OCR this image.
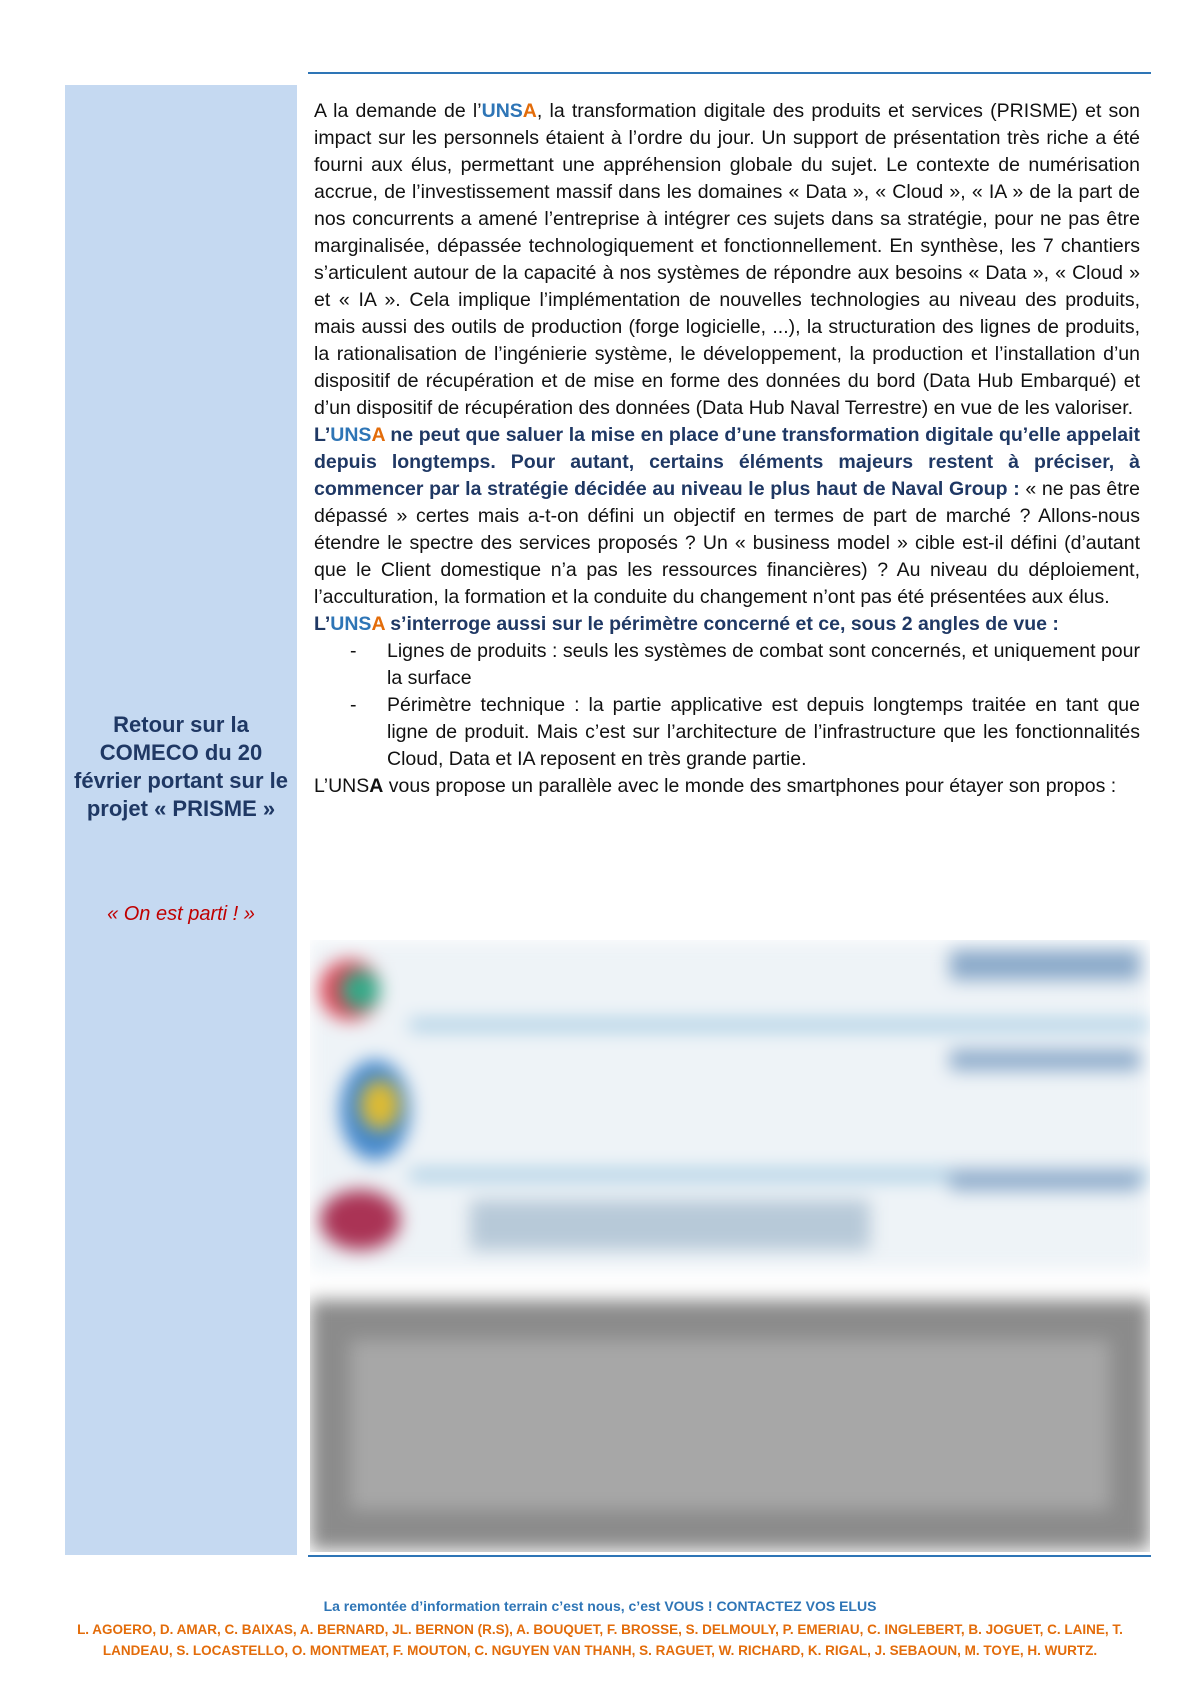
Retour sur la COMECO du 20 février portant sur le projet « PRISME »
« On est parti ! »

A la demande de l’UNSA, la transformation digitale des produits et services (PRISME) et son impact sur les personnels étaient à l’ordre du jour. Un support de présentation très riche a été fourni aux élus, permettant une appréhension globale du sujet. Le contexte de numérisation accrue, de l’investissement massif dans les domaines « Data », « Cloud », « IA » de la part de nos concurrents a amené l’entreprise à intégrer ces sujets dans sa stratégie, pour ne pas être marginalisée, dépassée technologiquement et fonctionnellement. En synthèse, les 7 chantiers s’articulent autour de la capacité à nos systèmes de répondre aux besoins « Data », « Cloud » et « IA ». Cela implique l’implémentation de nouvelles technologies au niveau des produits, mais aussi des outils de production (forge logicielle, ...), la structuration des lignes de produits, la rationalisation de l’ingénierie système, le développement, la production et l’installation d’un dispositif de récupération et de mise en forme des données du bord (Data Hub Embarqué) et d’un dispositif de récupération des données (Data Hub Naval Terrestre) en vue de les valoriser.

L’UNSA ne peut que saluer la mise en place d’une transformation digitale qu’elle appelait depuis longtemps. Pour autant, certains éléments majeurs restent à préciser, à commencer par la stratégie décidée au niveau le plus haut de Naval Group : « ne pas être dépassé » certes mais a-t-on défini un objectif en termes de part de marché ? Allons-nous étendre le spectre des services proposés ? Un « business model » cible est-il défini (d’autant que le Client domestique n’a pas les ressources financières) ? Au niveau du déploiement, l’acculturation, la formation et la conduite du changement n’ont pas été présentées aux élus.

L’UNSA s’interroge aussi sur le périmètre concerné et ce, sous 2 angles de vue :

- Lignes de produits : seuls les systèmes de combat sont concernés, et uniquement pour la surface
- Périmètre technique : la partie applicative est depuis longtemps traitée en tant que ligne de produit. Mais c’est sur l’architecture de l’infrastructure que les fonctionnalités Cloud, Data et IA reposent en très grande partie.

L’UNSA vous propose un parallèle avec le monde des smartphones pour étayer son propos :

La remontée d’information terrain c’est nous, c’est VOUS ! CONTACTEZ VOS ELUS
L. AGOERO, D. AMAR, C. BAIXAS, A. BERNARD, JL. BERNON (R.S), A. BOUQUET, F. BROSSE, S. DELMOULY, P. EMERIAU, C. INGLEBERT, B. JOGUET, C. LAINE, T. LANDEAU, S. LOCASTELLO, O. MONTMEAT, F. MOUTON, C. NGUYEN VAN THANH, S. RAGUET, W. RICHARD, K. RIGAL, J. SEBAOUN, M. TOYE, H. WURTZ.
